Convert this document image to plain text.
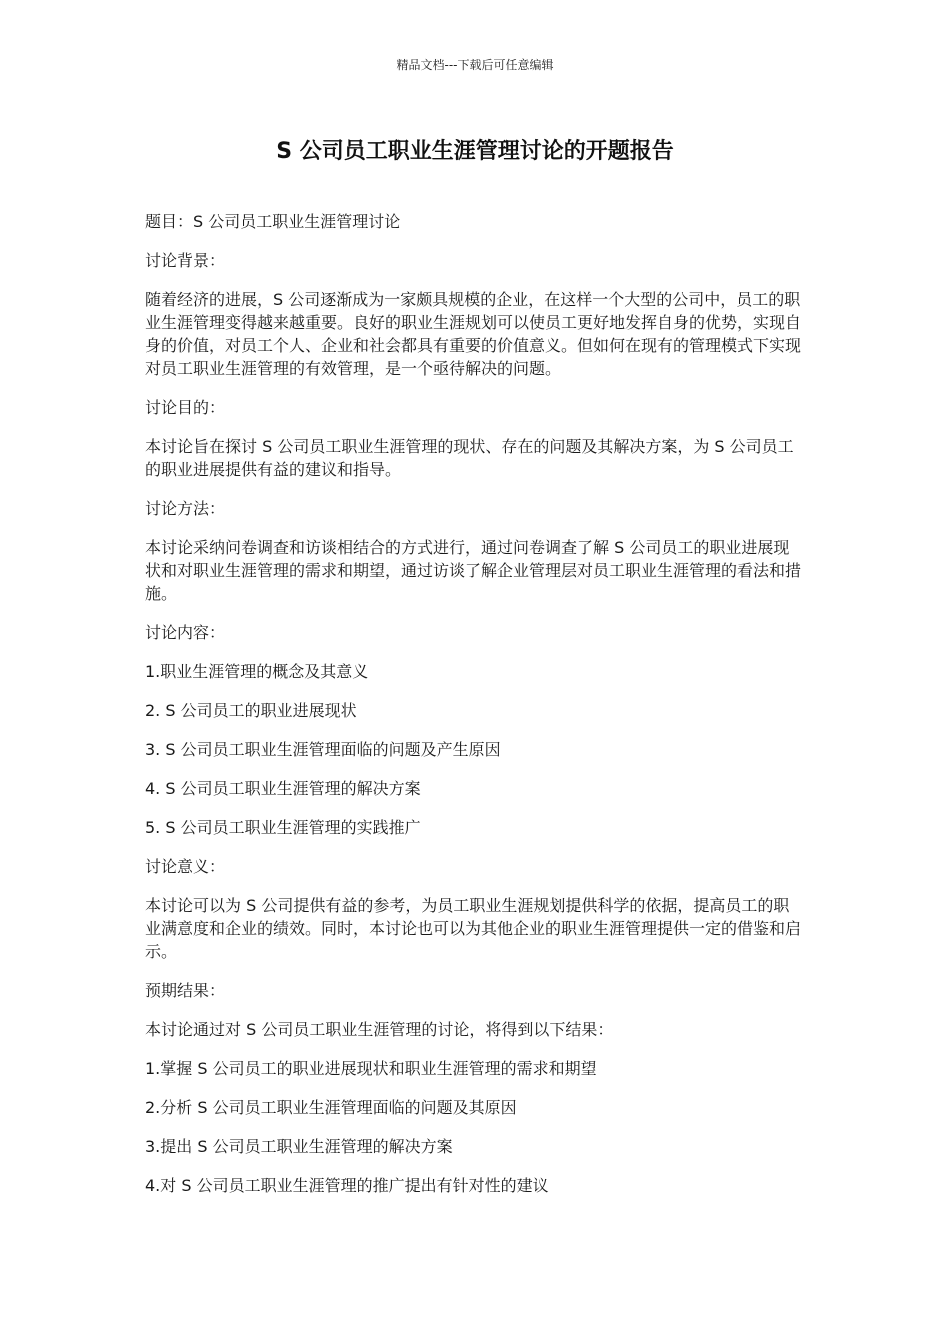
精品文档---下载后可任意编辑
S 公司员工职业生涯管理讨论的开题报告

题目：S 公司员工职业生涯管理讨论

讨论背景：

随着经济的进展，S 公司逐渐成为一家颇具规模的企业，在这样一个大型的公司中，员工的职业生涯管理变得越来越重要。良好的职业生涯规划可以使员工更好地发挥自身的优势，实现自身的价值，对员工个人、企业和社会都具有重要的价值意义。但如何在现有的管理模式下实现对员工职业生涯管理的有效管理，是一个亟待解决的问题。

讨论目的：

本讨论旨在探讨 S 公司员工职业生涯管理的现状、存在的问题及其解决方案，为 S 公司员工的职业进展提供有益的建议和指导。

讨论方法：

本讨论采纳问卷调查和访谈相结合的方式进行，通过问卷调查了解 S 公司员工的职业进展现状和对职业生涯管理的需求和期望，通过访谈了解企业管理层对员工职业生涯管理的看法和措施。

讨论内容：

1.职业生涯管理的概念及其意义

2. S 公司员工的职业进展现状

3. S 公司员工职业生涯管理面临的问题及产生原因

4. S 公司员工职业生涯管理的解决方案

5. S 公司员工职业生涯管理的实践推广

讨论意义：

本讨论可以为 S 公司提供有益的参考，为员工职业生涯规划提供科学的依据，提高员工的职业满意度和企业的绩效。同时，本讨论也可以为其他企业的职业生涯管理提供一定的借鉴和启示。

预期结果：

本讨论通过对 S 公司员工职业生涯管理的讨论，将得到以下结果：

1.掌握 S 公司员工的职业进展现状和职业生涯管理的需求和期望

2.分析 S 公司员工职业生涯管理面临的问题及其原因

3.提出 S 公司员工职业生涯管理的解决方案

4.对 S 公司员工职业生涯管理的推广提出有针对性的建议
